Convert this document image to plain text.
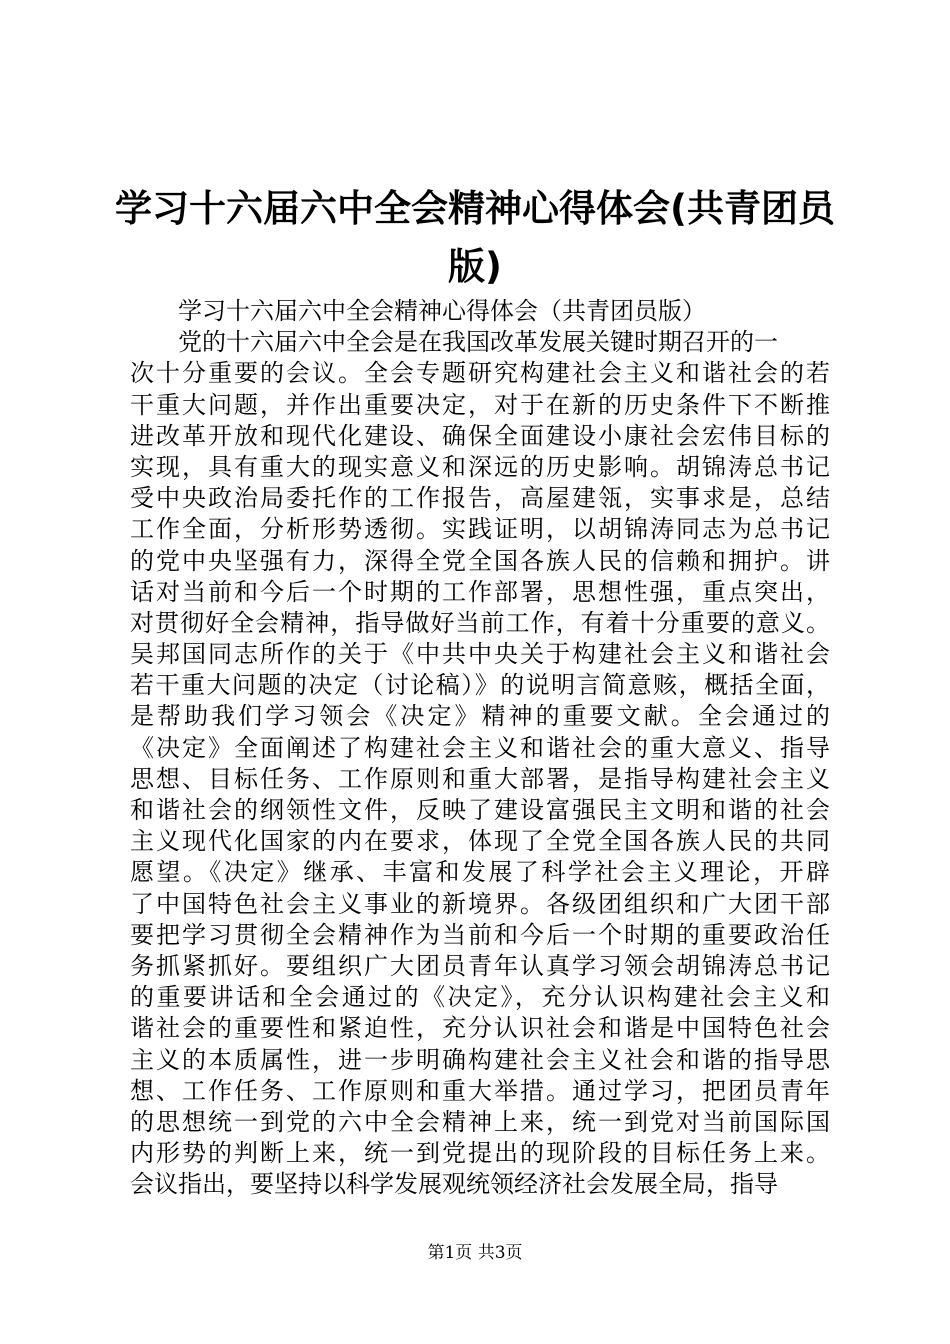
学习十六届六中全会精神心得体会(共青团员
版)
学习十六届六中全会精神心得体会（共青团员版）
党的十六届六中全会是在我国改革发展关键时期召开的一
次十分重要的会议。全会专题研究构建社会主义和谐社会的若
干重大问题，并作出重要决定，对于在新的历史条件下不断推
进改革开放和现代化建设、确保全面建设小康社会宏伟目标的
实现，具有重大的现实意义和深远的历史影响。胡锦涛总书记
受中央政治局委托作的工作报告，高屋建瓴，实事求是，总结
工作全面，分析形势透彻。实践证明，以胡锦涛同志为总书记
的党中央坚强有力，深得全党全国各族人民的信赖和拥护。讲
话对当前和今后一个时期的工作部署，思想性强，重点突出，
对贯彻好全会精神，指导做好当前工作，有着十分重要的意义。
吴邦国同志所作的关于《中共中央关于构建社会主义和谐社会
若干重大问题的决定（讨论稿）》的说明言简意赅，概括全面，
是帮助我们学习领会《决定》精神的重要文献。全会通过的
《决定》全面阐述了构建社会主义和谐社会的重大意义、指导
思想、目标任务、工作原则和重大部署，是指导构建社会主义
和谐社会的纲领性文件，反映了建设富强民主文明和谐的社会
主义现代化国家的内在要求，体现了全党全国各族人民的共同
愿望。《决定》继承、丰富和发展了科学社会主义理论，开辟
了中国特色社会主义事业的新境界。各级团组织和广大团干部
要把学习贯彻全会精神作为当前和今后一个时期的重要政治任
务抓紧抓好。要组织广大团员青年认真学习领会胡锦涛总书记
的重要讲话和全会通过的《决定》，充分认识构建社会主义和
谐社会的重要性和紧迫性，充分认识社会和谐是中国特色社会
主义的本质属性，进一步明确构建社会主义社会和谐的指导思
想、工作任务、工作原则和重大举措。通过学习，把团员青年
的思想统一到党的六中全会精神上来，统一到党对当前国际国
内形势的判断上来，统一到党提出的现阶段的目标任务上来。
会议指出，要坚持以科学发展观统领经济社会发展全局，指导
第1页 共3页
